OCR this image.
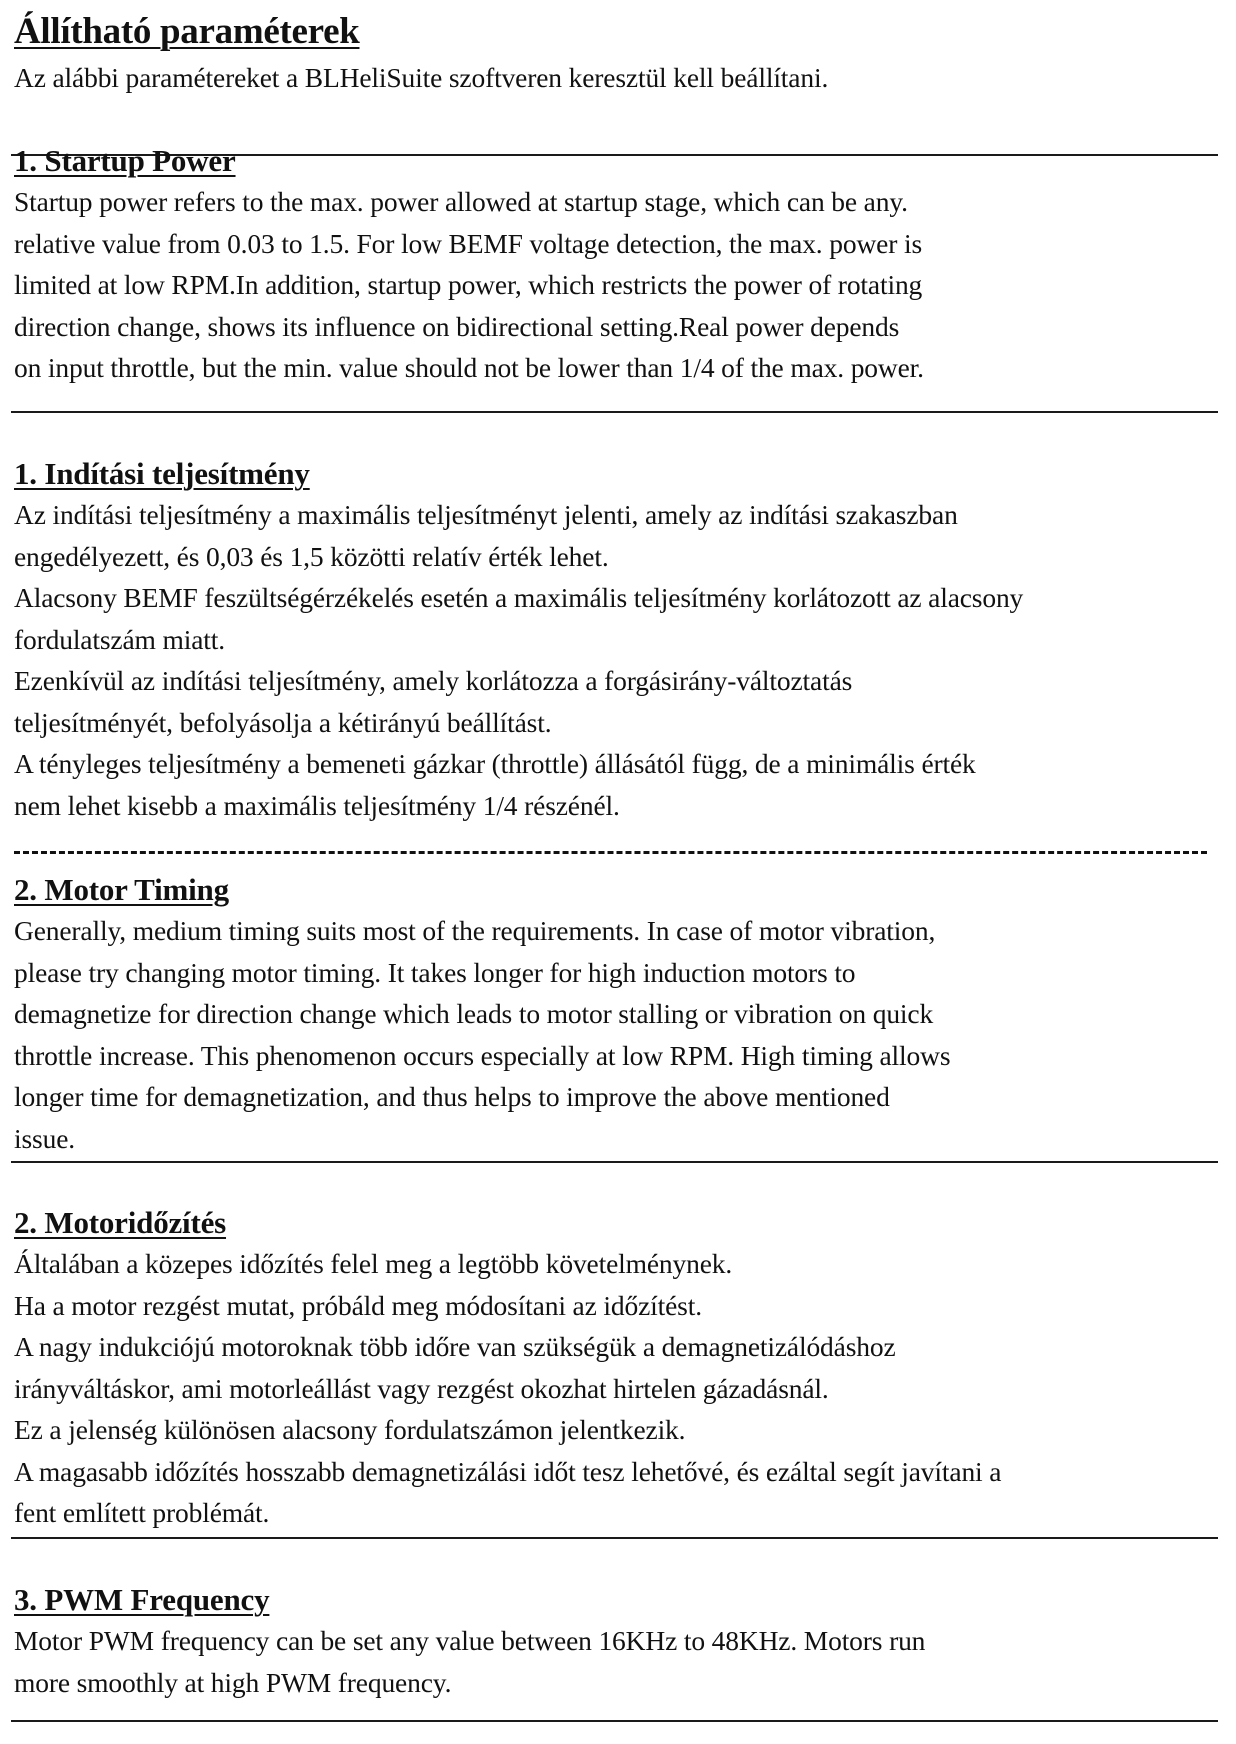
Állítható paraméterek
Az alábbi paramétereket a BLHeliSuite szoftveren keresztül kell beállítani.
1. Startup Power
Startup power refers to the max. power allowed at startup stage, which can be any.
relative value from 0.03 to 1.5. For low BEMF voltage detection, the max. power is
limited at low RPM.In addition, startup power, which restricts the power of rotating
direction change, shows its influence on bidirectional setting.Real power depends
on input throttle, but the min. value should not be lower than 1/4 of the max. power.
1. Indítási teljesítmény
Az indítási teljesítmény a maximális teljesítményt jelenti, amely az indítási szakaszban
engedélyezett, és 0,03 és 1,5 közötti relatív érték lehet.
Alacsony BEMF feszültségérzékelés esetén a maximális teljesítmény korlátozott az alacsony
fordulatszám miatt.
Ezenkívül az indítási teljesítmény, amely korlátozza a forgásirány-változtatás
teljesítményét, befolyásolja a kétirányú beállítást.
A tényleges teljesítmény a bemeneti gázkar (throttle) állásától függ, de a minimális érték
nem lehet kisebb a maximális teljesítmény 1/4 részénél.
2. Motor Timing
Generally, medium timing suits most of the requirements. In case of motor vibration,
please try changing motor timing. It takes longer for high induction motors to
demagnetize for direction change which leads to motor stalling or vibration on quick
throttle increase. This phenomenon occurs especially at low RPM. High timing allows
longer time for demagnetization, and thus helps to improve the above mentioned
issue.
2. Motoridőzítés
Általában a közepes időzítés felel meg a legtöbb követelménynek.
Ha a motor rezgést mutat, próbáld meg módosítani az időzítést.
A nagy indukciójú motoroknak több időre van szükségük a demagnetizálódáshoz
irányváltáskor, ami motorleállást vagy rezgést okozhat hirtelen gázadásnál.
Ez a jelenség különösen alacsony fordulatszámon jelentkezik.
A magasabb időzítés hosszabb demagnetizálási időt tesz lehetővé, és ezáltal segít javítani a
fent említett problémát.
3. PWM Frequency
Motor PWM frequency can be set any value between 16KHz to 48KHz. Motors run
more smoothly at high PWM frequency.
